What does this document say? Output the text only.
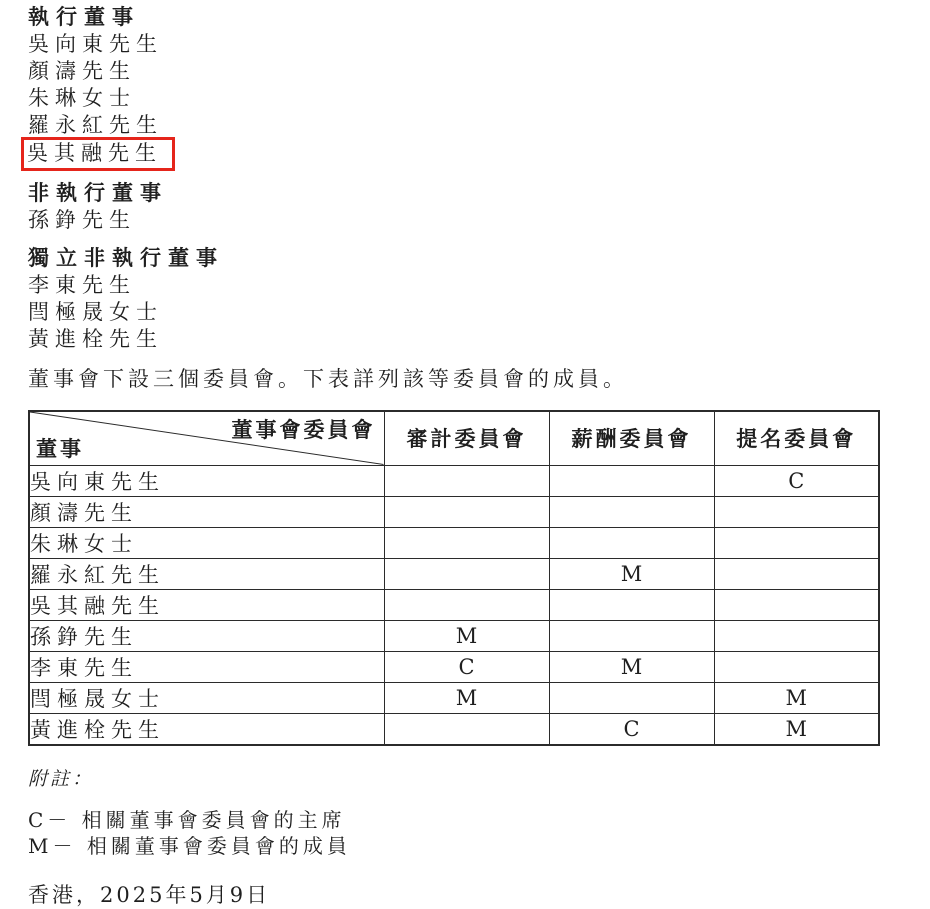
執行董事
吳向東先生
顏濤先生
朱琳女士
羅永紅先生
吳其融先生
非執行董事
孫錚先生
獨立非執行董事
李東先生
閆極晟女士
黃進栓先生
董事會下設三個委員會。下表詳列該等委員會的成員。
董事會委員會
董事	審計委員會	薪酬委員會	提名委員會
吳向東先生			C
顏濤先生			
朱琳女士			
羅永紅先生		M	
吳其融先生			
孫錚先生	M		
李東先生	C	M	
閆極晟女士	M		M
黃進栓先生		C	M
附註：
C－ 相關董事會委員會的主席
M－ 相關董事會委員會的成員
香港，2025年5月9日
